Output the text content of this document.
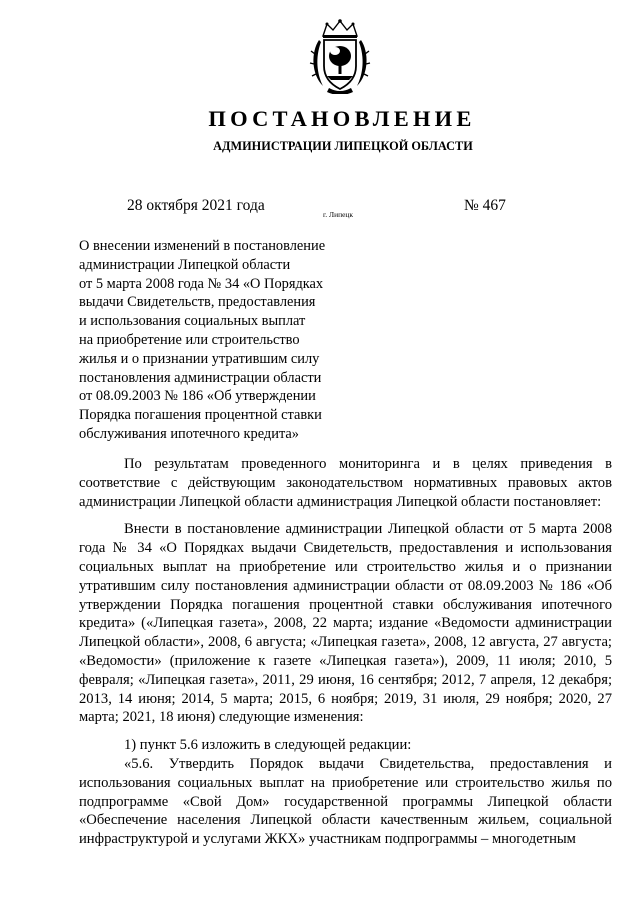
ПОСТАНОВЛЕНИЕ
АДМИНИСТРАЦИИ ЛИПЕЦКОЙ ОБЛАСТИ
28 октября 2021 года
г. Липецк
№ 467
О внесении изменений в постановление
администрации Липецкой области
от 5 марта 2008 года № 34 «О Порядках
выдачи Свидетельств, предоставления
и использования социальных выплат
на приобретение или строительство
жилья и о признании утратившим силу
постановления администрации области
от 08.09.2003 № 186 «Об утверждении
Порядка погашения процентной ставки
обслуживания ипотечного кредита»

По результатам проведенного мониторинга и в целях приведения в соответствие с действующим законодательством нормативных правовых актов администрации Липецкой области администрация Липецкой области постановляет:

Внести в постановление администрации Липецкой области от 5 марта 2008 года № 34 «О Порядках выдачи Свидетельств, предоставления и использования социальных выплат на приобретение или строительство жилья и о признании утратившим силу постановления администрации области от 08.09.2003 № 186 «Об утверждении Порядка погашения процентной ставки обслуживания ипотечного кредита» («Липецкая газета», 2008, 22 марта; издание «Ведомости администрации Липецкой области», 2008, 6 августа; «Липецкая газета», 2008, 12 августа, 27 августа; «Ведомости» (приложение к газете «Липецкая газета»), 2009, 11 июля; 2010, 5 февраля; «Липецкая газета», 2011, 29 июня, 16 сентября; 2012, 7 апреля, 12 декабря; 2013, 14 июня; 2014, 5 марта; 2015, 6 ноября; 2019, 31 июля, 29 ноября; 2020, 27 марта; 2021, 18 июня) следующие изменения:

1) пункт 5.6 изложить в следующей редакции:

«5.6. Утвердить Порядок выдачи Свидетельства, предоставления и использования социальных выплат на приобретение или строительство жилья по подпрограмме «Свой Дом» государственной программы Липецкой области «Обеспечение населения Липецкой области качественным жильем, социальной инфраструктурой и услугами ЖКХ» участникам подпрограммы – многодетным
